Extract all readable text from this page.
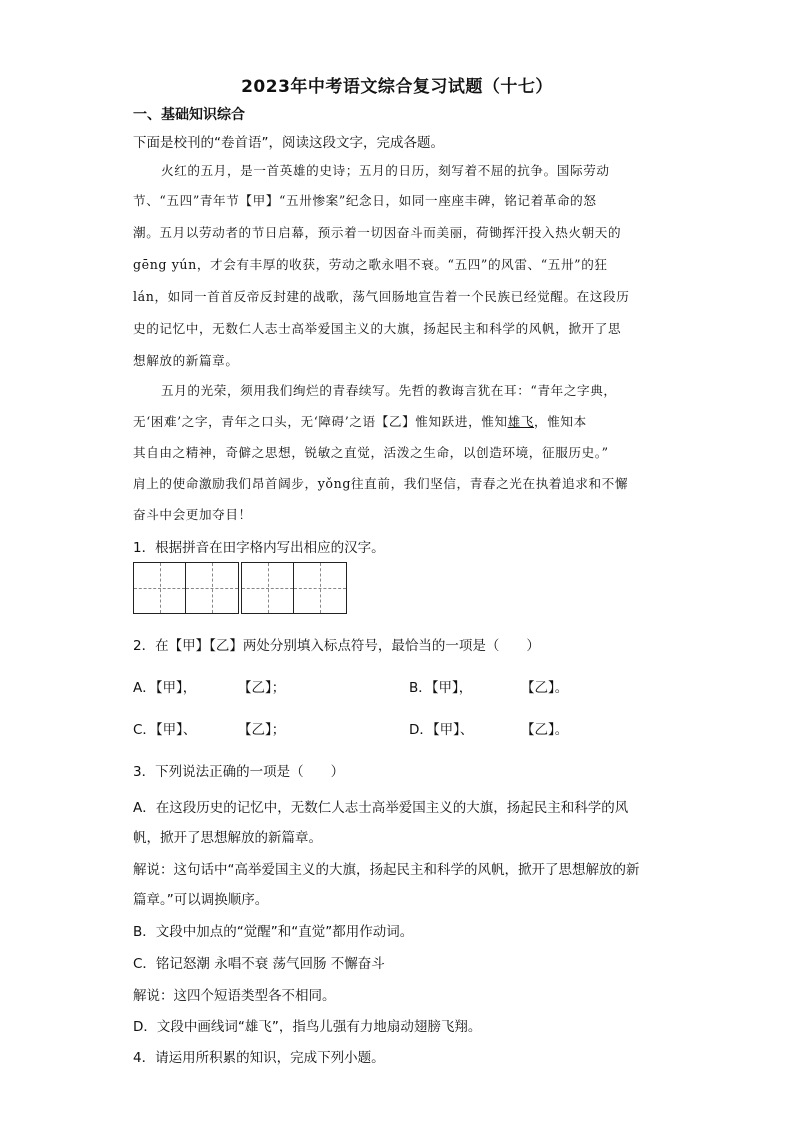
2023年中考语文综合复习试题（十七）
一、基础知识综合
下面是校刊的“卷首语”，阅读这段文字，完成各题。
火红的五月，是一首英雄的史诗；五月的日历，刻写着不屈的抗争。国际劳动
节、“五四”青年节【甲】“五卅惨案”纪念日，如同一座座丰碑，铭记着革命的怒
潮。五月以劳动者的节日启幕，预示着一切因奋斗而美丽，荷锄挥汗投入热火朝天的
gēng yún，才会有丰厚的收获，劳动之歌永唱不衰。“五四”的风雷、“五卅”的狂
lán，如同一首首反帝反封建的战歌，荡气回肠地宣告着一个民族已经觉醒。在这段历
史的记忆中，无数仁人志士高举爱国主义的大旗，扬起民主和科学的风帆，掀开了思
想解放的新篇章。
五月的光荣，须用我们绚烂的青春续写。先哲的教诲言犹在耳：“青年之字典，
无‘困难’之字，青年之口头，无‘障碍’之语【乙】惟知跃进，惟知雄飞，惟知本
其自由之精神，奇僻之思想，锐敏之直觉，活泼之生命，以创造环境，征服历史。”
肩上的使命激励我们昂首阔步，yǒng往直前，我们坚信，青春之光在执着追求和不懈
奋斗中会更加夺目！
1．根据拼音在田字格内写出相应的汉字。
2．在【甲】【乙】两处分别填入标点符号，最恰当的一项是（　　）
A．【甲】，	【乙】；	B．【甲】，	【乙】。
C．【甲】、	【乙】；	D．【甲】、	【乙】。
3．下列说法正确的一项是（　　）
A．在这段历史的记忆中，无数仁人志士高举爱国主义的大旗，扬起民主和科学的风
帆，掀开了思想解放的新篇章。
解说：这句话中“高举爱国主义的大旗，扬起民主和科学的风帆，掀开了思想解放的新
篇章。”可以调换顺序。
B．文段中加点的“觉醒”和“直觉”都用作动词。
C．铭记怒潮 永唱不衰 荡气回肠 不懈奋斗
解说：这四个短语类型各不相同。
D．文段中画线词“雄飞”，指鸟儿强有力地扇动翅膀飞翔。
4．请运用所积累的知识，完成下列小题。
